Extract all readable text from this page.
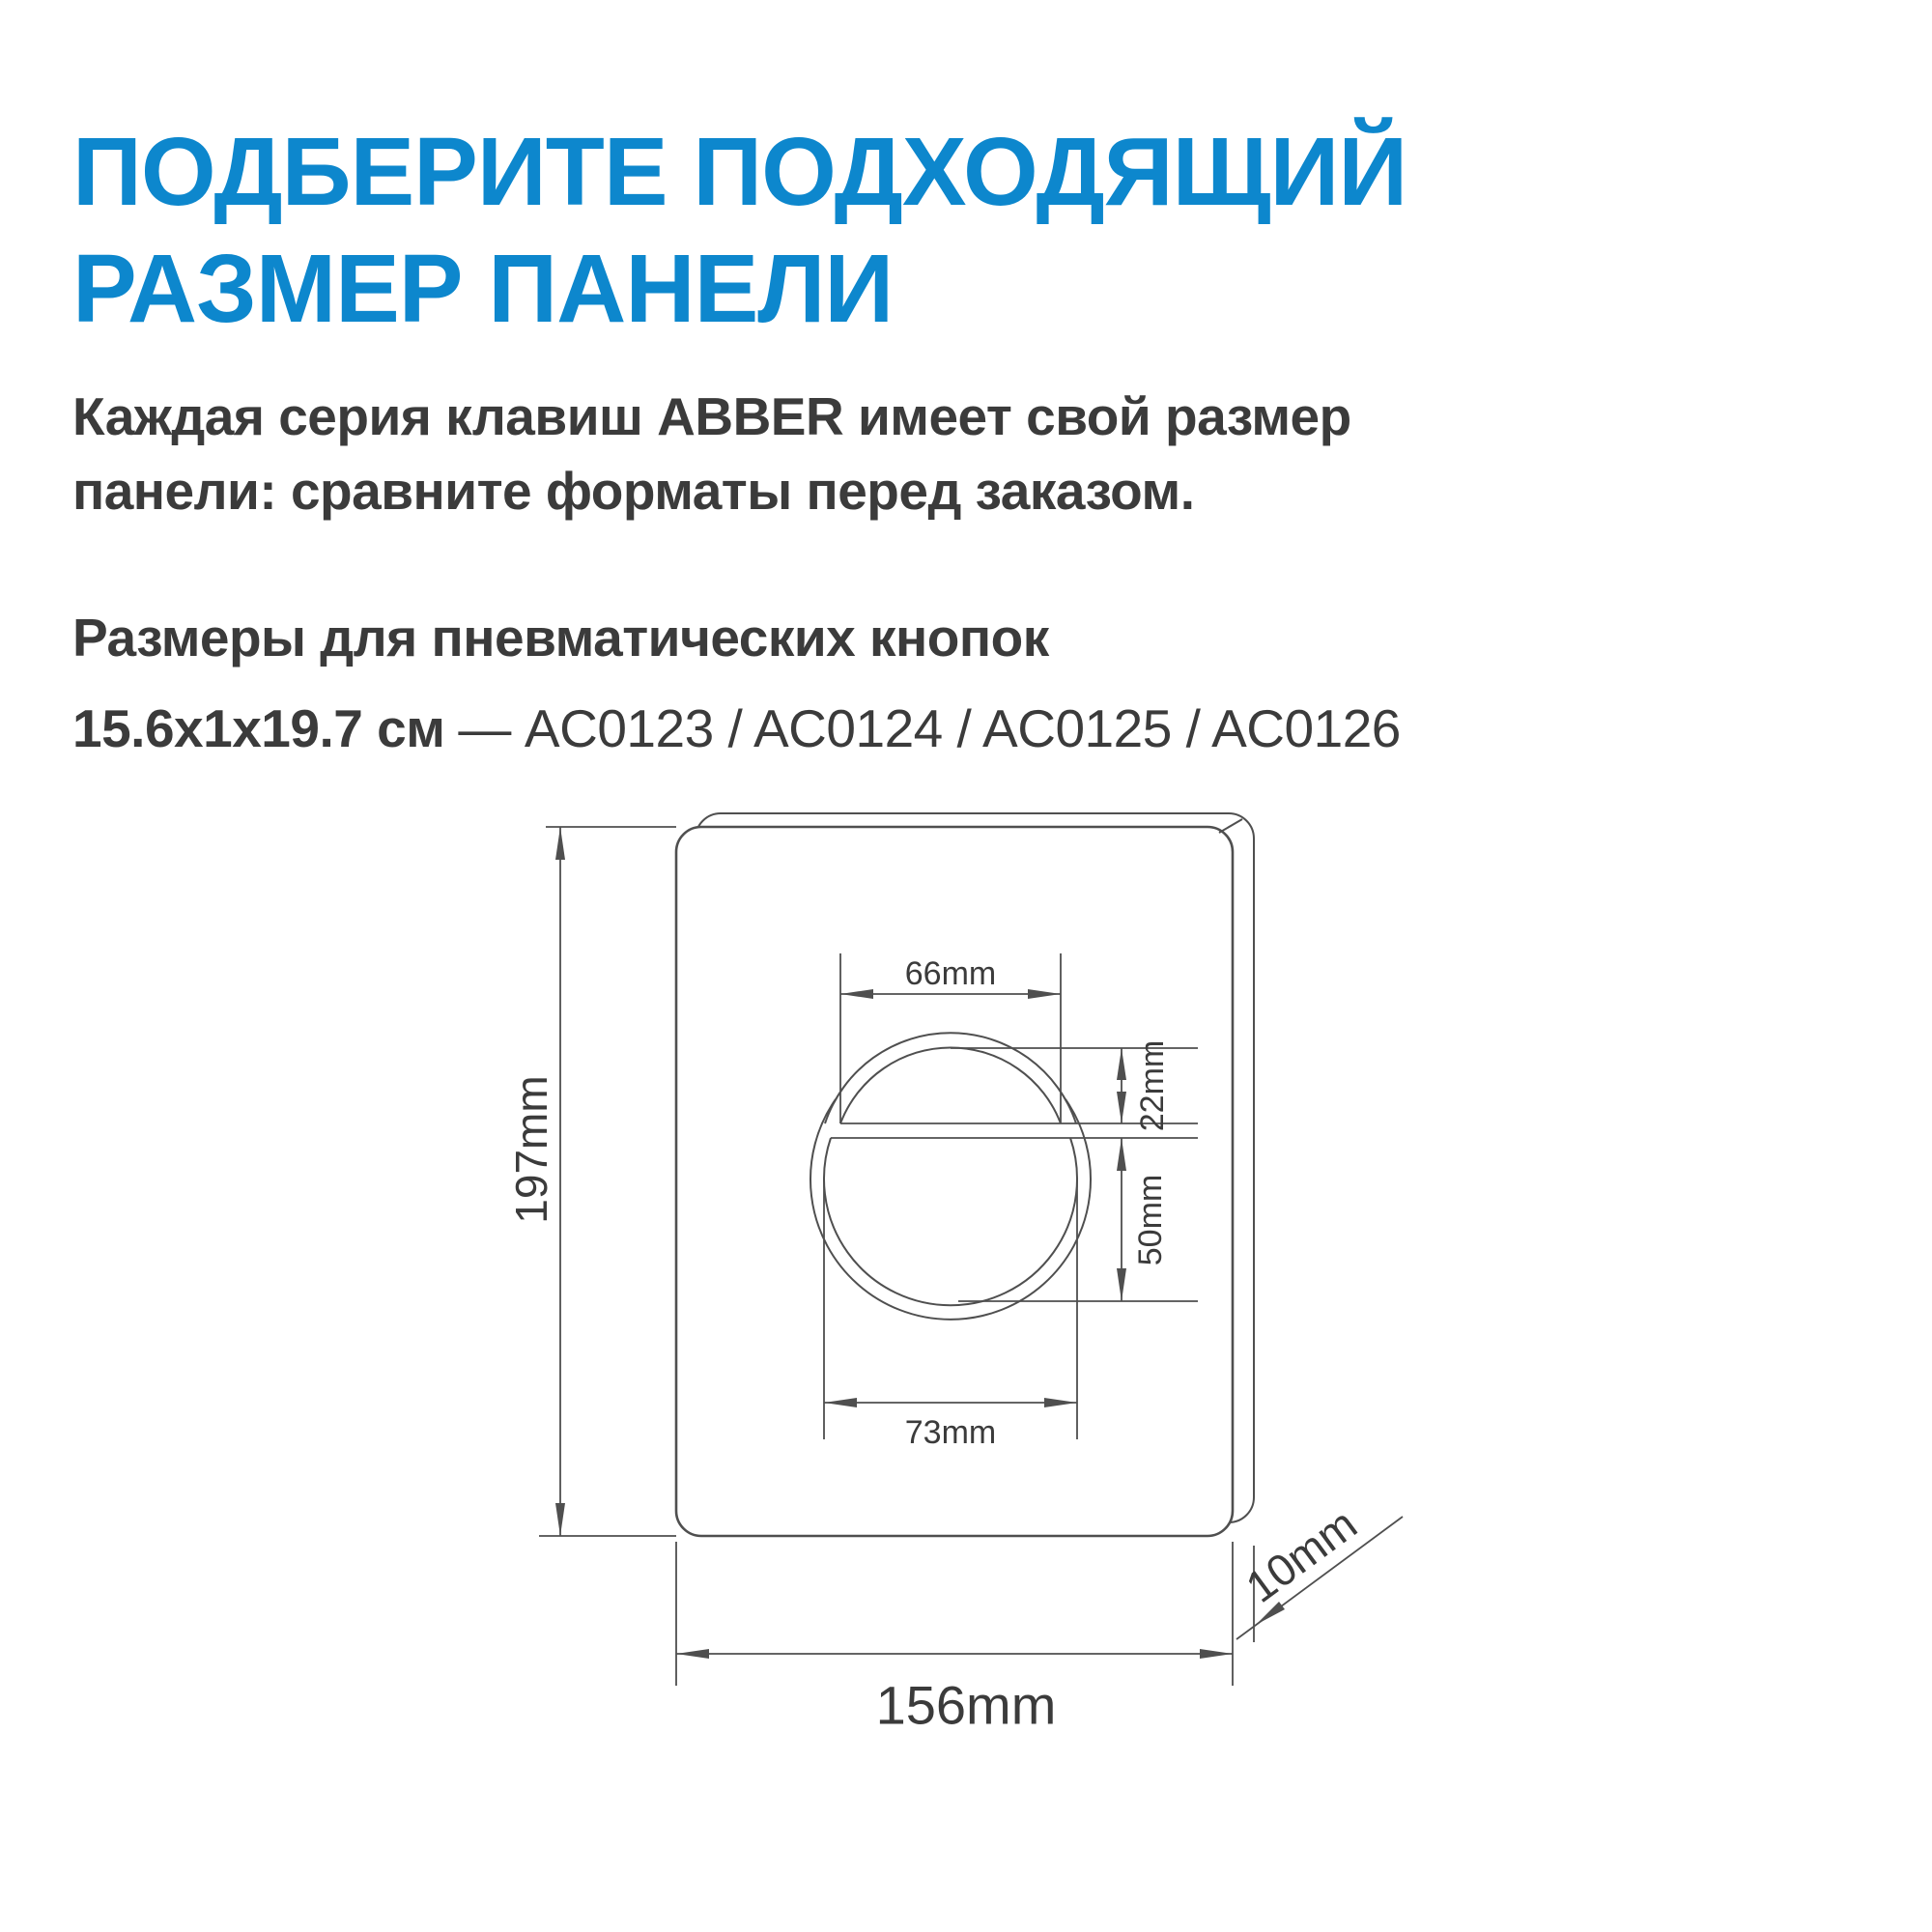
ПОДБЕРИТЕ ПОДХОДЯЩИЙ
РАЗМЕР ПАНЕЛИ

Каждая серия клавиш ABBER имеет свой размер
панели: сравните форматы перед заказом.

Размеры для пневматических кнопок

15.6x1x19.7 см — AC0123 / AC0124 / AC0125 / AC0126

197mm
66mm
22mm
50mm
73mm
156mm
10mm
